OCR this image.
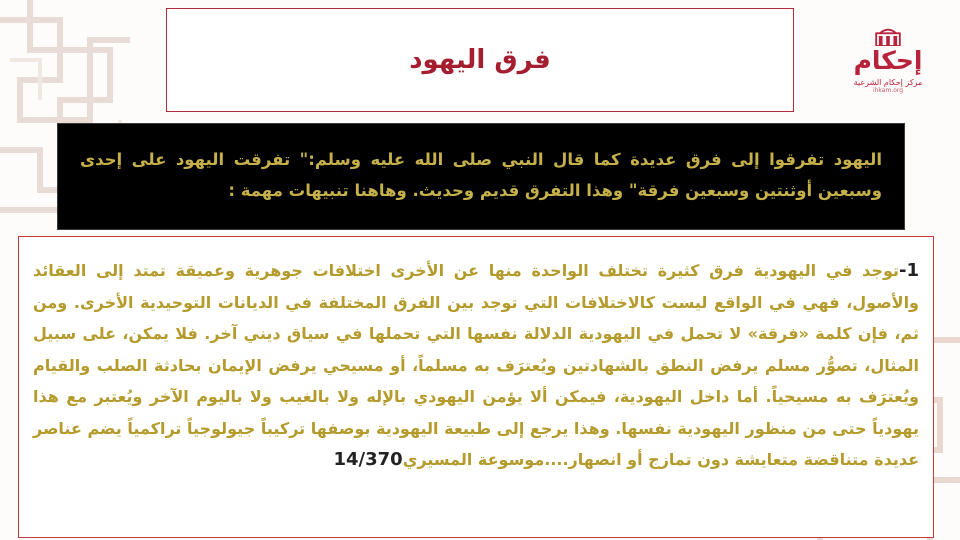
إحكام
مركز إحكام الشرعية
ihkam.org
فرق اليهود

اليهود تفرقوا إلى فرق عديدة كما قال النبي صلى الله عليه وسلم:" تفرقت اليهود على إحدى وسبعين أوثنتين وسبعين فرقة" وهذا التفرق قديم وحديث. وهاهنا تنبيهات مهمة :

1-توجد في اليهودية فرق كثيرة تختلف الواحدة منها عن الأخرى اختلافات جوهرية وعميقة تمتد إلى العقائد والأصول، فهي في الواقع ليست كالاختلافات التي توجد بين الفرق المختلفة في الديانات التوحيدية الأخرى. ومن ثم، فإن كلمة «فرقة» لا تحمل في اليهودية الدلالة نفسها التي تحملها في سياق ديني آخر. فلا يمكن، على سبيل المثال، تصوُّر مسلم يرفض النطق بالشهادتين ويُعترَف به مسلماً، أو مسيحي يرفض الإيمان بحادثة الصلب والقيام ويُعترَف به مسيحياً. أما داخل اليهودية، فيمكن ألا يؤمن اليهودي بالإله ولا بالغيب ولا باليوم الآخر ويُعتبر مع هذا يهودياً حتى من منظور اليهودية نفسها. وهذا يرجع إلى طبيعة اليهودية بوصفها تركيباً جيولوجياً تراكمياً يضم عناصر عديدة متناقضة متعايشة دون تمازج أو انصهار....موسوعة المسيري14/370
